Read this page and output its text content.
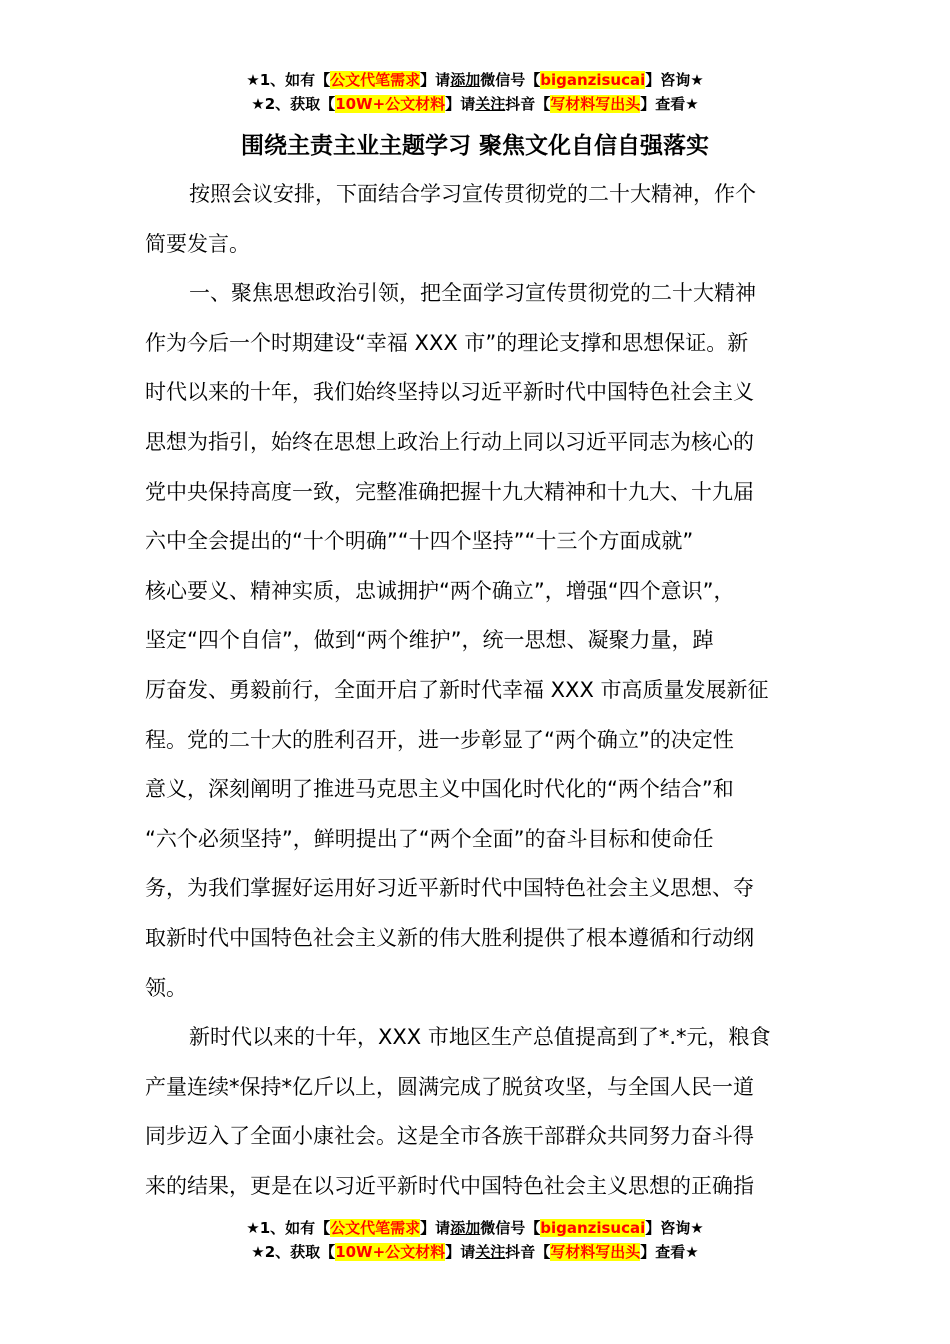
★1、如有【公文代笔需求】请添加微信号【biganzisucai】咨询★
★2、获取【10W+公文材料】请关注抖音【写材料写出头】查看★
围绕主责主业主题学习 聚焦文化自信自强落实

按照会议安排，下面结合学习宣传贯彻党的二十大精神，作个
简要发言。

一、聚焦思想政治引领，把全面学习宣传贯彻党的二十大精神
作为今后一个时期建设“幸福 XXX 市”的理论支撑和思想保证。新
时代以来的十年，我们始终坚持以习近平新时代中国特色社会主义
思想为指引，始终在思想上政治上行动上同以习近平同志为核心的
党中央保持高度一致，完整准确把握十九大精神和十九大、十九届
六中全会提出的“十个明确”“十四个坚持”“十三个方面成就”
核心要义、精神实质，忠诚拥护“两个确立”，增强“四个意识”，
坚定“四个自信”，做到“两个维护”，统一思想、凝聚力量，踔
厉奋发、勇毅前行，全面开启了新时代幸福 XXX 市高质量发展新征
程。党的二十大的胜利召开，进一步彰显了“两个确立”的决定性
意义，深刻阐明了推进马克思主义中国化时代化的“两个结合”和
“六个必须坚持”，鲜明提出了“两个全面”的奋斗目标和使命任
务，为我们掌握好运用好习近平新时代中国特色社会主义思想、夺
取新时代中国特色社会主义新的伟大胜利提供了根本遵循和行动纲
领。

新时代以来的十年，XXX 市地区生产总值提高到了*.*元，粮食
产量连续*保持*亿斤以上，圆满完成了脱贫攻坚，与全国人民一道
同步迈入了全面小康社会。这是全市各族干部群众共同努力奋斗得
来的结果，更是在以习近平新时代中国特色社会主义思想的正确指

★1、如有【公文代笔需求】请添加微信号【biganzisucai】咨询★
★2、获取【10W+公文材料】请关注抖音【写材料写出头】查看★
